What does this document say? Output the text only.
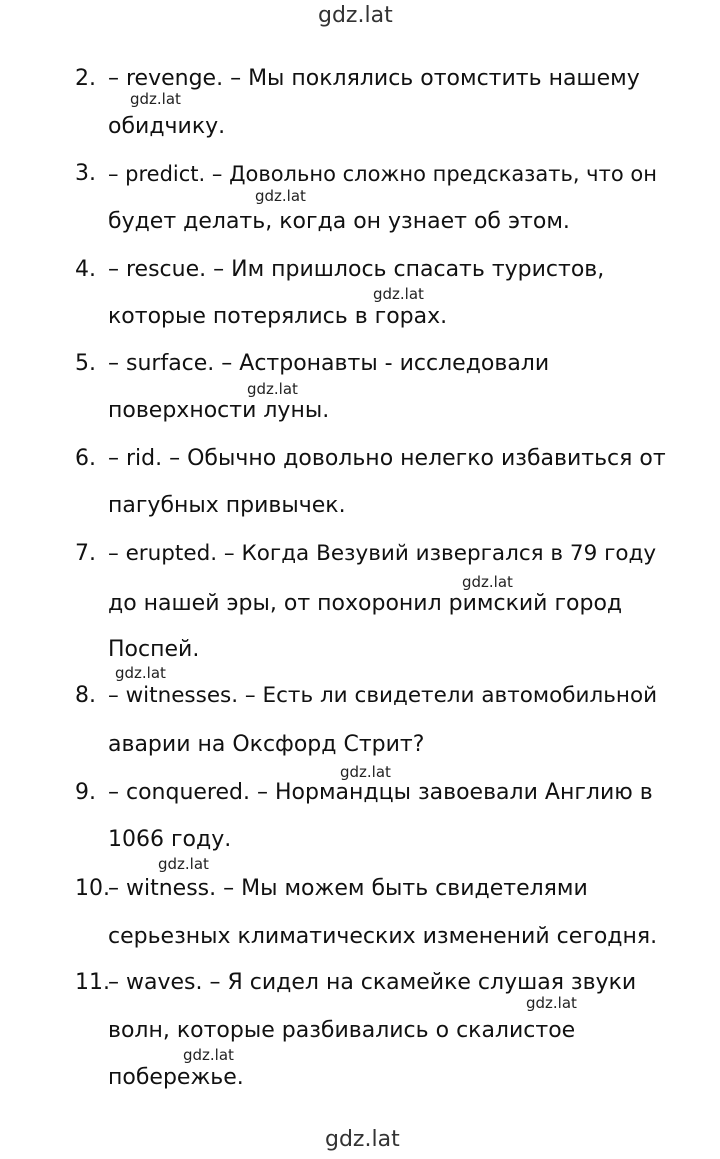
gdz.lat
gdz.lat
gdz.lat
gdz.lat
gdz.lat
gdz.lat
gdz.lat
gdz.lat
gdz.lat
gdz.lat
gdz.lat
gdz.lat
2. – revenge. – Мы поклялись отомстить нашему
обидчику.
3. – predict. – Довольно сложно предсказать, что он
будет делать, когда он узнает об этом.
4. – rescue. – Им пришлось спасать туристов,
которые потерялись в горах.
5. – surface. – Астронавты - исследовали
поверхности луны.
6. – rid. – Обычно довольно нелегко избавиться от
пагубных привычек.
7. – erupted. – Когда Везувий извергался в 79 году
до нашей эры, от похоронил римский город
Поспей.
8. – witnesses. – Есть ли свидетели автомобильной
аварии на Оксфорд Стрит?
9. – conquered. – Нормандцы завоевали Англию в
1066 году.
10.
– witness. – Мы можем быть свидетелями
серьезных климатических изменений сегодня.
11.
– waves. – Я сидел на скамейке слушая звуки
волн, которые разбивались о скалистое
побережье.
